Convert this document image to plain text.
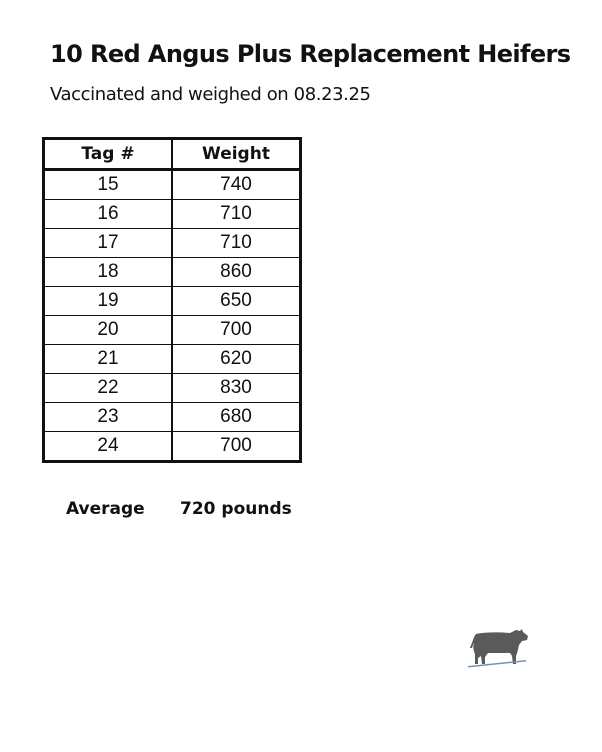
10 Red Angus Plus Replacement Heifers
Vaccinated and weighed on 08.23.25
Tag #	Weight
15	740
16	710
17	710
18	860
19	650
20	700
21	620
22	830
23	680
24	700
Average 720 pounds
